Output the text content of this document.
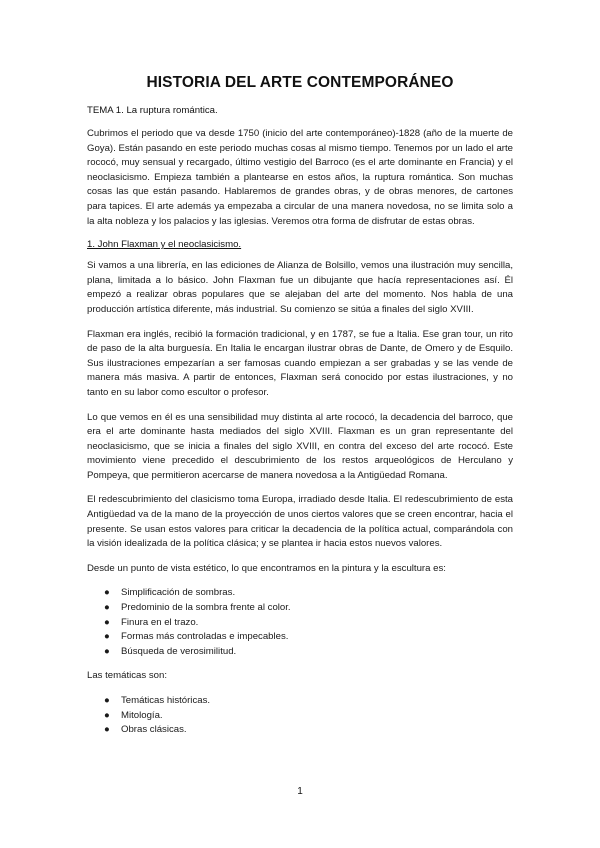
HISTORIA DEL ARTE CONTEMPORÁNEO
TEMA 1. La ruptura romántica.

Cubrimos el periodo que va desde 1750 (inicio del arte contemporáneo)-1828 (año de la muerte de Goya). Están pasando en este periodo muchas cosas al mismo tiempo. Tenemos por un lado el arte rococó, muy sensual y recargado, último vestigio del Barroco (es el arte dominante en Francia) y el neoclasicismo. Empieza también a plantearse en estos años, la ruptura romántica. Son muchas cosas las que están pasando. Hablaremos de grandes obras, y de obras menores, de cartones para tapices. El arte además ya empezaba a circular de una manera novedosa, no se limita solo a la alta nobleza y los palacios y las iglesias. Veremos otra forma de disfrutar de estas obras.

1. John Flaxman y el neoclasicismo.

Si vamos a una librería, en las ediciones de Alianza de Bolsillo, vemos una ilustración muy sencilla, plana, limitada a lo básico. John Flaxman fue un dibujante que hacía representaciones así. Él empezó a realizar obras populares que se alejaban del arte del momento. Nos habla de una producción artística diferente, más industrial. Su comienzo se sitúa a finales del siglo XVIII.

Flaxman era inglés, recibió la formación tradicional, y en 1787, se fue a Italia. Ese gran tour, un rito de paso de la alta burguesía. En Italia le encargan ilustrar obras de Dante, de Omero y de Esquilo. Sus ilustraciones empezarían a ser famosas cuando empiezan a ser grabadas y se las vende de manera más masiva. A partir de entonces, Flaxman será conocido por estas ilustraciones, y no tanto en su labor como escultor o profesor.

Lo que vemos en él es una sensibilidad muy distinta al arte rococó, la decadencia del barroco, que era el arte dominante hasta mediados del siglo XVIII. Flaxman es un gran representante del neoclasicismo, que se inicia a finales del siglo XVIII, en contra del exceso del arte rococó. Este movimiento viene precedido el descubrimiento de los restos arqueológicos de Herculano y Pompeya, que permitieron acercarse de manera novedosa a la Antigüedad Romana.

El redescubrimiento del clasicismo toma Europa, irradiado desde Italia. El redescubrimiento de esta Antigüedad va de la mano de la proyección de unos ciertos valores que se creen encontrar, hacia el presente. Se usan estos valores para criticar la decadencia de la política actual, comparándola con la visión idealizada de la política clásica; y se plantea ir hacia estos nuevos valores.

Desde un punto de vista estético, lo que encontramos en la pintura y la escultura es:

● Simplificación de sombras.
● Predominio de la sombra frente al color.
● Finura en el trazo.
● Formas más controladas e impecables.
● Búsqueda de verosimilitud.

Las temáticas son:

● Temáticas históricas.
● Mitología.
● Obras clásicas.
1
